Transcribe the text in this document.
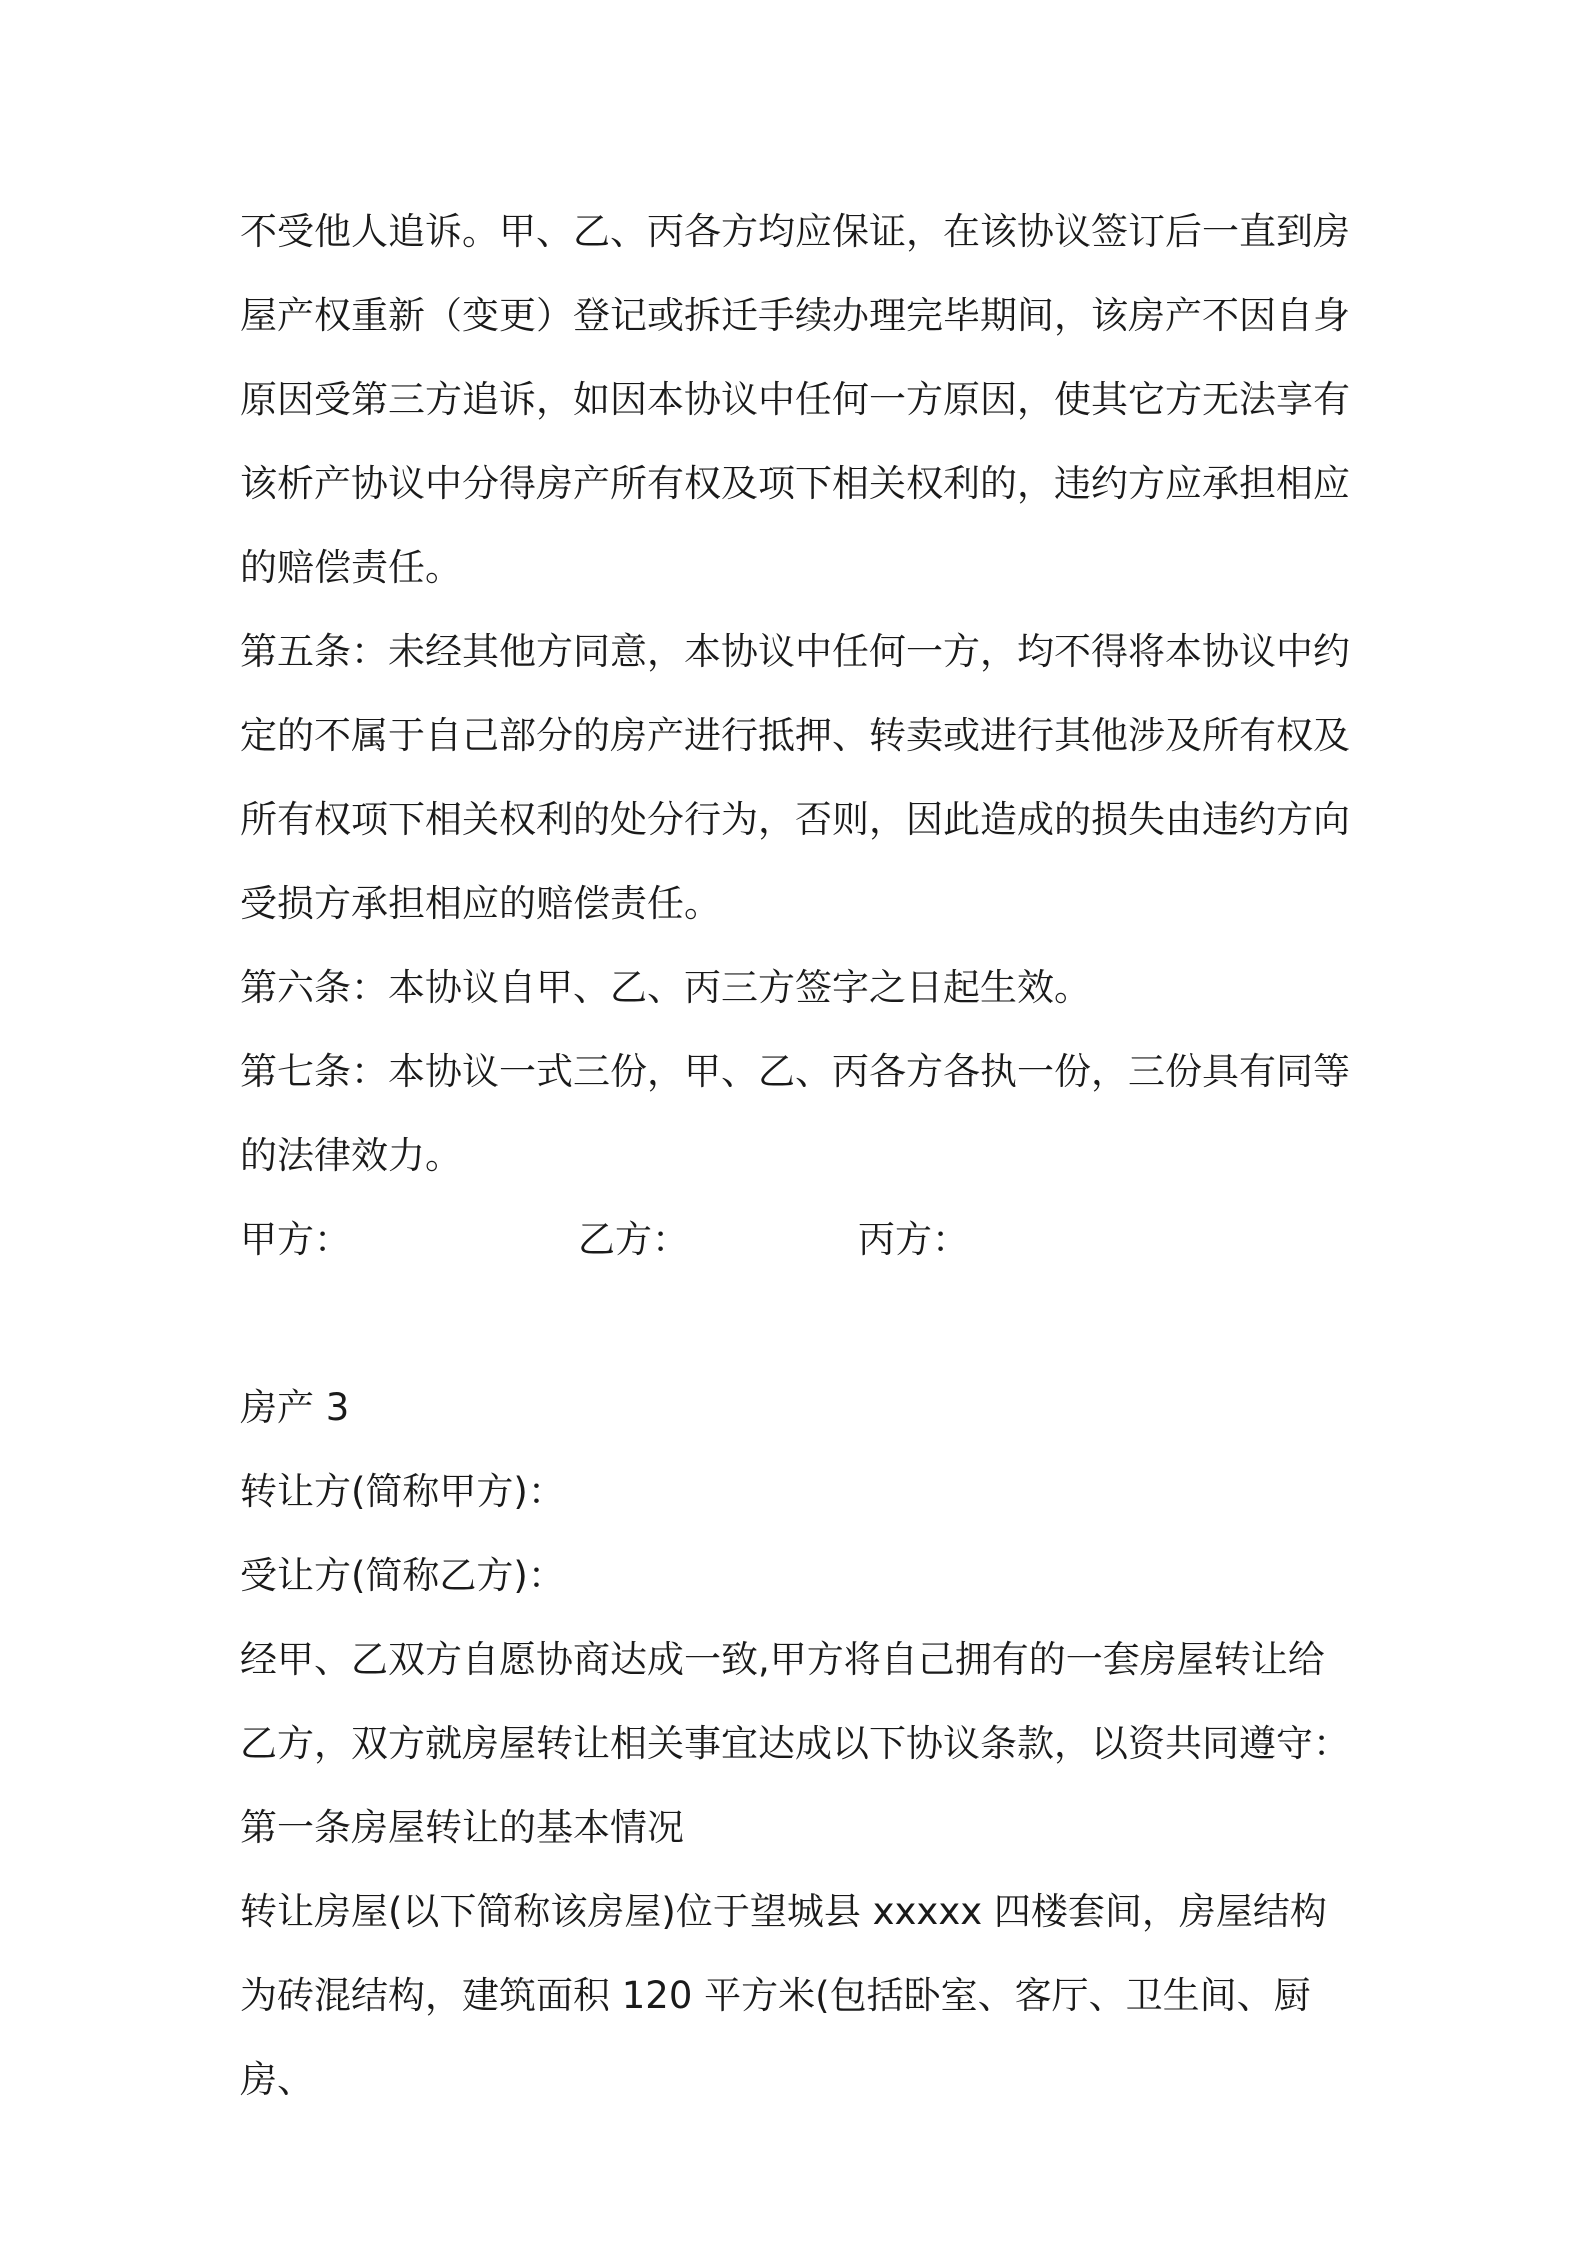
不受他人追诉。甲、乙、丙各方均应保证，在该协议签订后一直到房屋产权重新（变更）登记或拆迁手续办理完毕期间，该房产不因自身原因受第三方追诉，如因本协议中任何一方原因，使其它方无法享有该析产协议中分得房产所有权及项下相关权利的，违约方应承担相应的赔偿责任。

第五条：未经其他方同意，本协议中任何一方，均不得将本协议中约定的不属于自己部分的房产进行抵押、转卖或进行其他涉及所有权及所有权项下相关权利的处分行为，否则，因此造成的损失由违约方向受损方承担相应的赔偿责任。

第六条：本协议自甲、乙、丙三方签字之日起生效。

第七条：本协议一式三份，甲、乙、丙各方各执一份，三份具有同等的法律效力。

甲方：	乙方：	丙方：

房产 3

转让方(简称甲方)：

受让方(简称乙方)：

经甲、乙双方自愿协商达成一致,甲方将自己拥有的一套房屋转让给乙方，双方就房屋转让相关事宜达成以下协议条款，以资共同遵守：

第一条房屋转让的基本情况

转让房屋(以下简称该房屋)位于望城县 xxxxx 四楼套间，房屋结构为砖混结构，建筑面积 120 平方米(包括卧室、客厅、卫生间、厨房、
